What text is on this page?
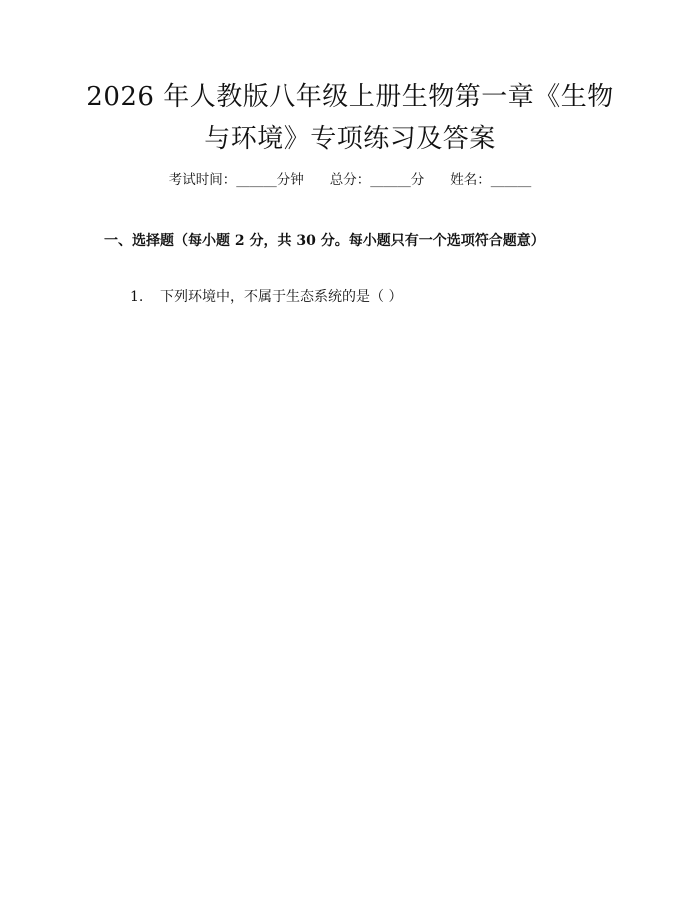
2026 年人教版八年级上册生物第一章《生物
与环境》专项练习及答案
考试时间：______分钟 总分：______分 姓名：______
一、选择题（每小题 2 分，共 30 分。每小题只有一个选项符合题意）
1. 下列环境中，不属于生态系统的是（ ）
